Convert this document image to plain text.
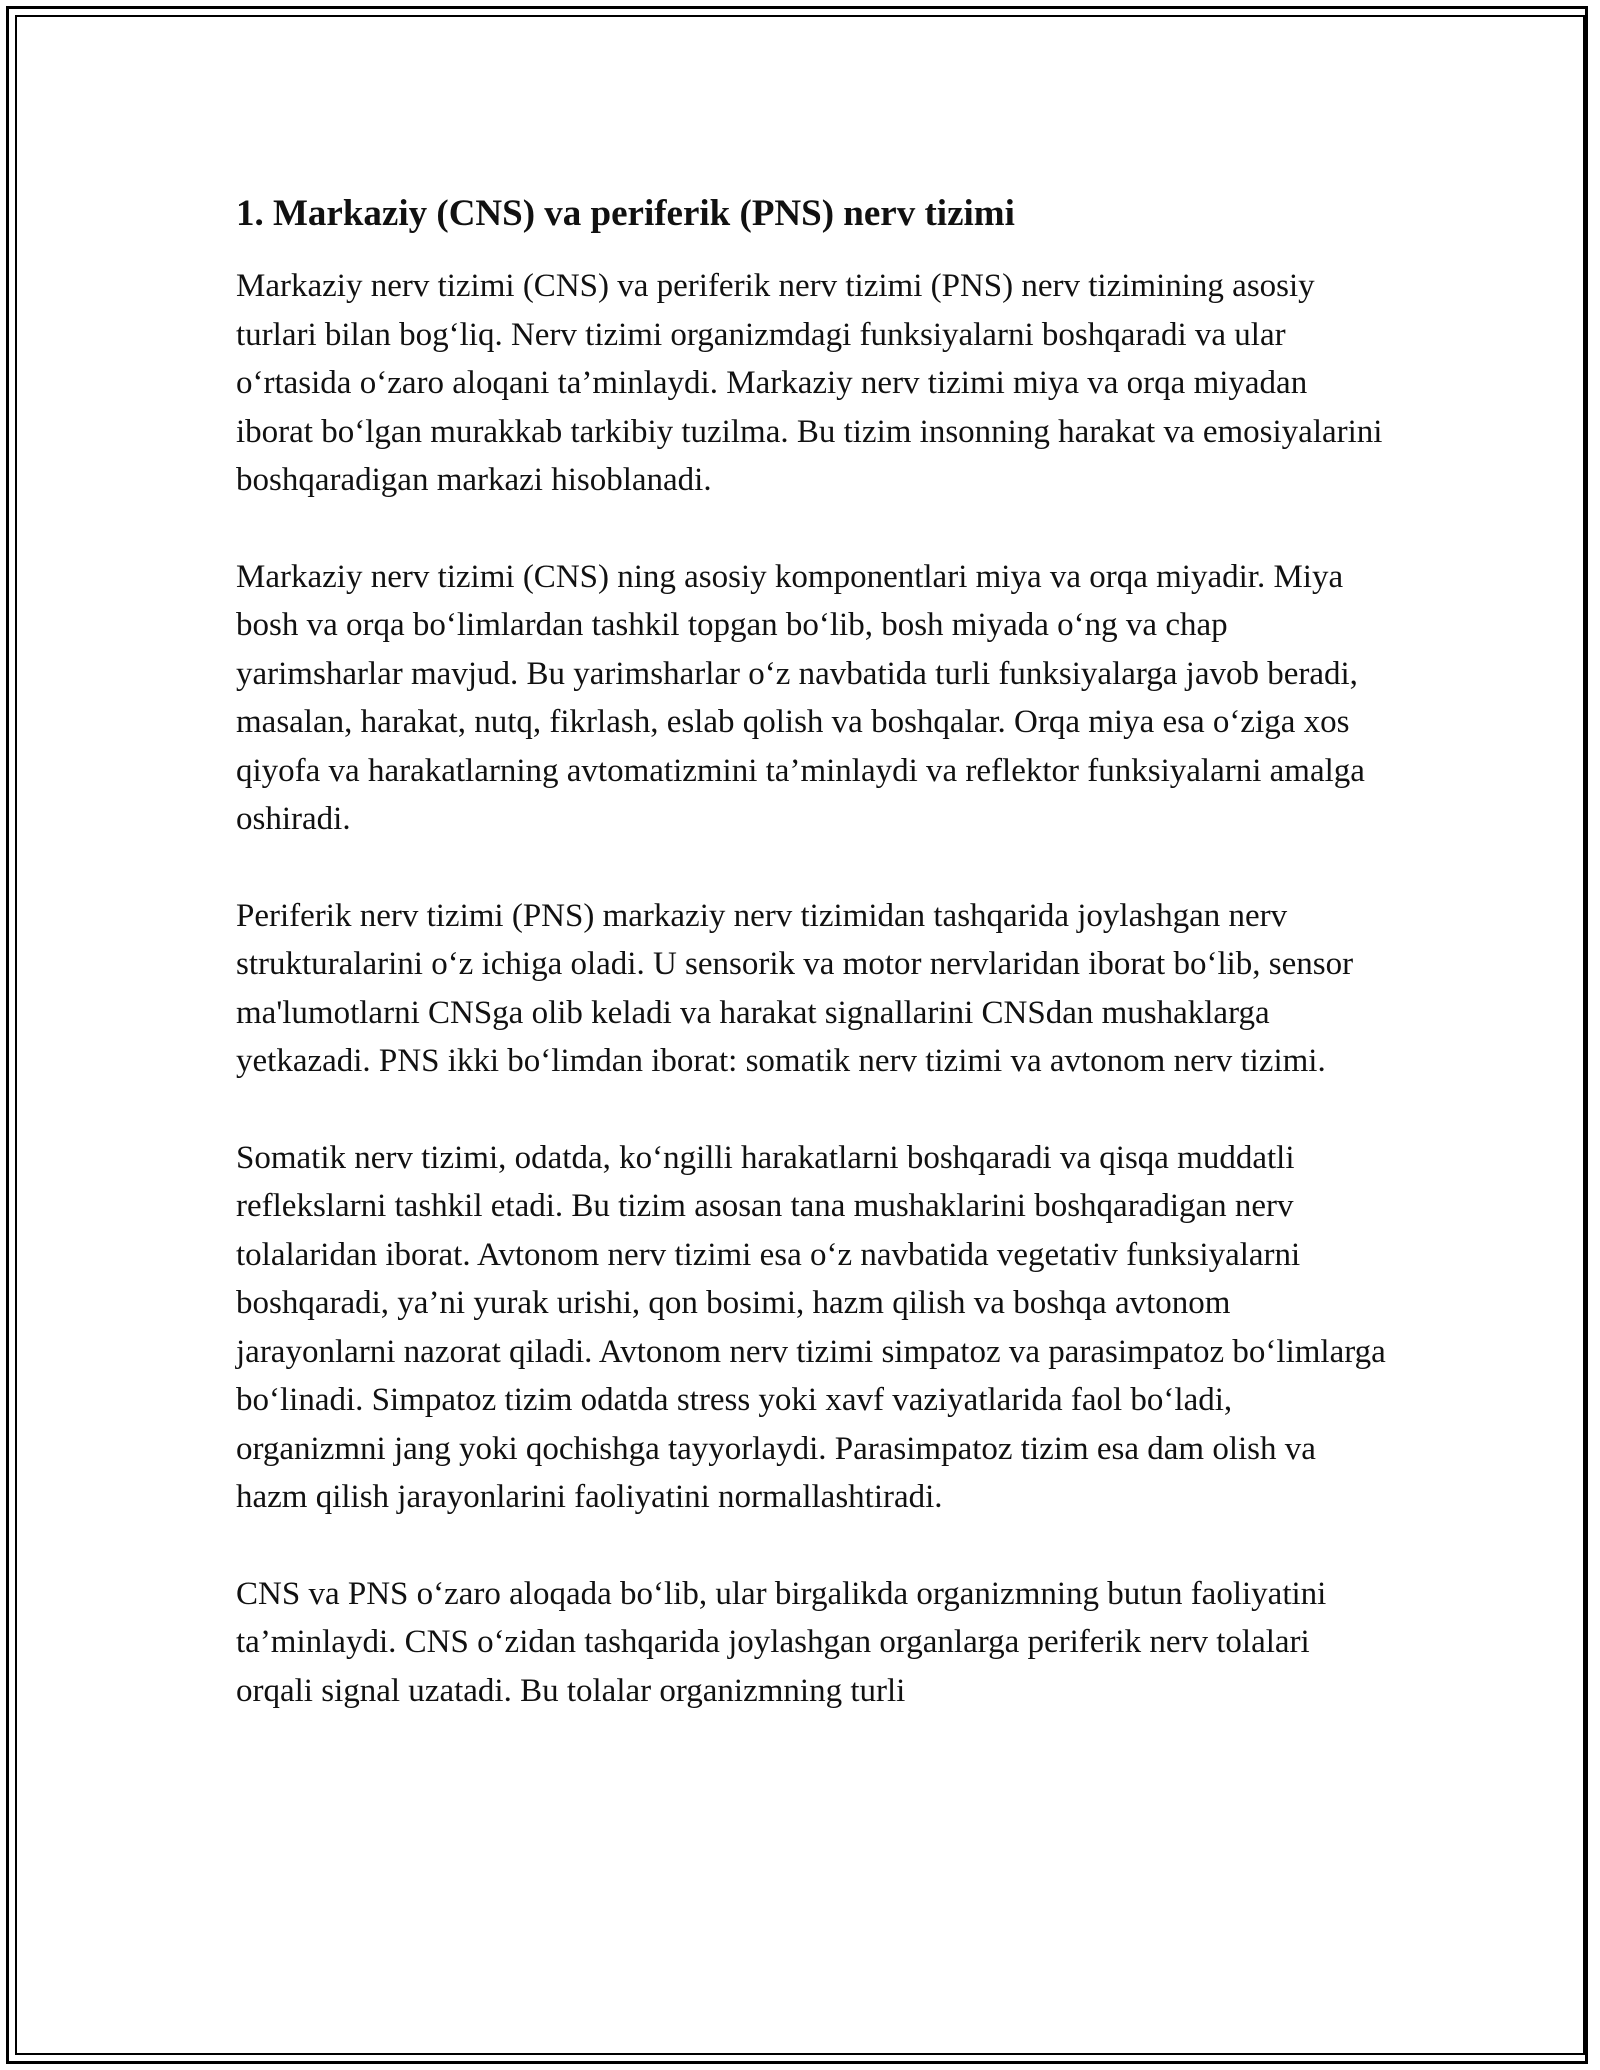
1. Markaziy (CNS) va periferik (PNS) nerv tizimi

Markaziy nerv tizimi (CNS) va periferik nerv tizimi (PNS) nerv tizimining asosiy turlari bilan bog‘liq. Nerv tizimi organizmdagi funksiyalarni boshqaradi va ular o‘rtasida o‘zaro aloqani ta’minlaydi. Markaziy nerv tizimi miya va orqa miyadan iborat bo‘lgan murakkab tarkibiy tuzilma. Bu tizim insonning harakat va emosiyalarini boshqaradigan markazi hisoblanadi.

Markaziy nerv tizimi (CNS) ning asosiy komponentlari miya va orqa miyadir. Miya bosh va orqa bo‘limlardan tashkil topgan bo‘lib, bosh miyada o‘ng va chap yarimsharlar mavjud. Bu yarimsharlar o‘z navbatida turli funksiyalarga javob beradi, masalan, harakat, nutq, fikrlash, eslab qolish va boshqalar. Orqa miya esa o‘ziga xos qiyofa va harakatlarning avtomatizmini ta’minlaydi va reflektor funksiyalarni amalga oshiradi.

Periferik nerv tizimi (PNS) markaziy nerv tizimidan tashqarida joylashgan nerv strukturalarini o‘z ichiga oladi. U sensorik va motor nervlaridan iborat bo‘lib, sensor ma'lumotlarni CNSga olib keladi va harakat signallarini CNSdan mushaklarga yetkazadi. PNS ikki bo‘limdan iborat: somatik nerv tizimi va avtonom nerv tizimi.

Somatik nerv tizimi, odatda, ko‘ngilli harakatlarni boshqaradi va qisqa muddatli reflekslarni tashkil etadi. Bu tizim asosan tana mushaklarini boshqaradigan nerv tolalaridan iborat. Avtonom nerv tizimi esa o‘z navbatida vegetativ funksiyalarni boshqaradi, ya’ni yurak urishi, qon bosimi, hazm qilish va boshqa avtonom jarayonlarni nazorat qiladi. Avtonom nerv tizimi simpatoz va parasimpatoz bo‘limlarga bo‘linadi. Simpatoz tizim odatda stress yoki xavf vaziyatlarida faol bo‘ladi, organizmni jang yoki qochishga tayyorlaydi. Parasimpatoz tizim esa dam olish va hazm qilish jarayonlarini faoliyatini normallashtiradi.

CNS va PNS o‘zaro aloqada bo‘lib, ular birgalikda organizmning butun faoliyatini ta’minlaydi. CNS o‘zidan tashqarida joylashgan organlarga periferik nerv tolalari orqali signal uzatadi. Bu tolalar organizmning turli
